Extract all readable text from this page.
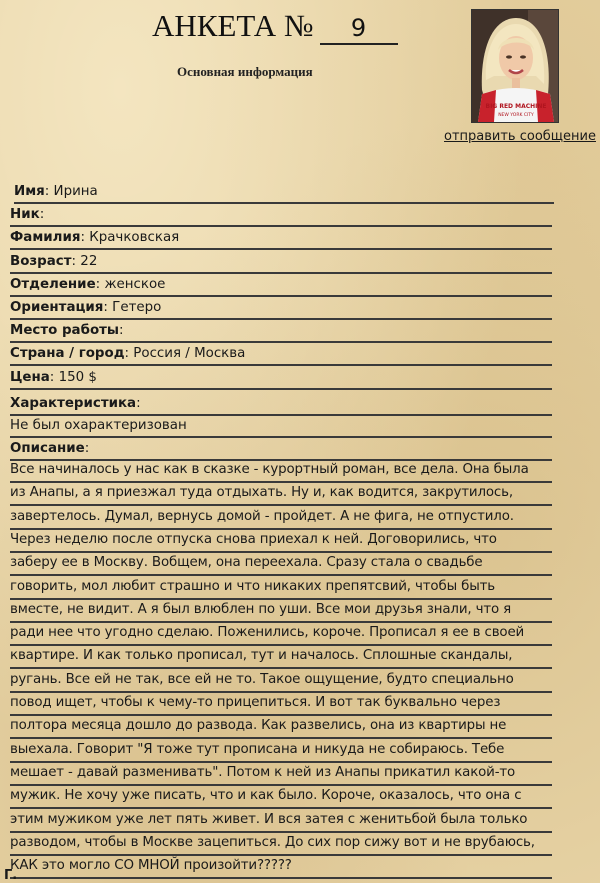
АНКЕТА № 9
Основная информация
BIG RED MACHINE
NEW YORK CITY
отправить сообщение
Имя: Ирина
Ник:
Фамилия: Крачковская
Возраст: 22
Отделение: женское
Ориентация: Гетеро
Место работы:
Страна / город: Россия / Москва
Цена: 150 $
Характеристика:
Не был охарактеризован
Описание:
Все начиналось у нас как в сказке - курортный роман, все дела. Она была
из Анапы, а я приезжал туда отдыхать. Ну и, как водится, закрутилось,
завертелось. Думал, вернусь домой - пройдет. А не фига, не отпустило.
Через неделю после отпуска снова приехал к ней. Договорились, что
заберу ее в Москву. Вобщем, она переехала. Сразу стала о свадьбе
говорить, мол любит страшно и что никаких препятсвий, чтобы быть
вместе, не видит. А я был влюблен по уши. Все мои друзья знали, что я
ради нее что угодно сделаю. Поженились, короче. Прописал я ее в своей
квартире. И как только прописал, тут и началось. Сплошные скандалы,
ругань. Все ей не так, все ей не то. Такое ощущение, будто специально
повод ищет, чтобы к чему-то прицепиться. И вот так буквально через
полтора месяца дошло до развода. Как развелись, она из квартиры не
выехала. Говорит "Я тоже тут прописана и никуда не собираюсь. Тебе
мешает - давай разменивать". Потом к ней из Анапы прикатил какой-то
мужик. Не хочу уже писать, что и как было. Короче, оказалось, что она с
этим мужиком уже лет пять живет. И вся затея с женитьбой была только
разводом, чтобы в Москве зацепиться. До сих пор сижу вот и не врубаюсь,
КАК это могло СО МНОЙ произойти?????
Г.
